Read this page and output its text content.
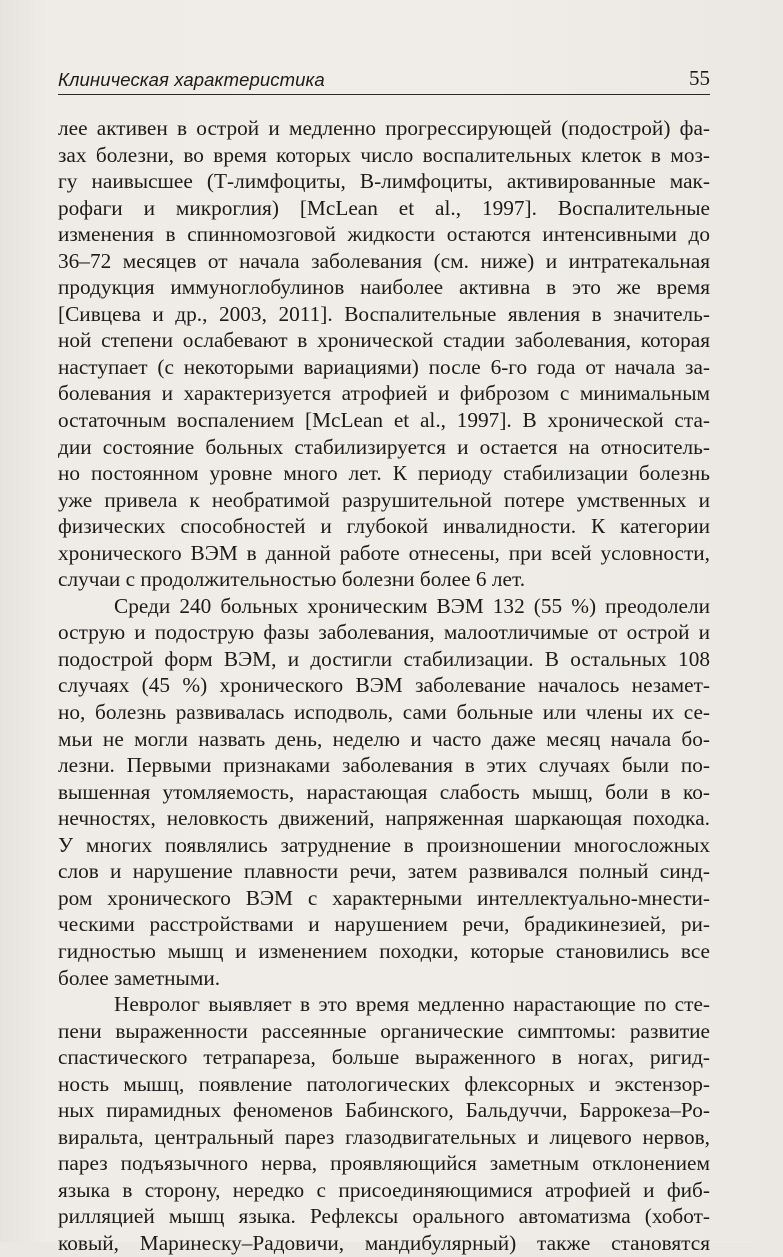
Клиническая характеристика	55

лее активен в острой и медленно прогрессирующей (подострой) фа-
зах болезни, во время которых число воспалительных клеток в моз-
гу наивысшее (Т-лимфоциты, В-лимфоциты, активированные мак-
рофаги и микроглия) [McLean et al., 1997]. Воспалительные
изменения в спинномозговой жидкости остаются интенсивными до
36–72 месяцев от начала заболевания (см. ниже) и интратекальная
продукция иммуноглобулинов наиболее активна в это же время
[Сивцева и др., 2003, 2011]. Воспалительные явления в значитель-
ной степени ослабевают в хронической стадии заболевания, которая
наступает (с некоторыми вариациями) после 6-го года от начала за-
болевания и характеризуется атрофией и фиброзом с минимальным
остаточным воспалением [McLean et al., 1997]. В хронической ста-
дии состояние больных стабилизируется и остается на относитель-
но постоянном уровне много лет. К периоду стабилизации болезнь
уже привела к необратимой разрушительной потере умственных и
физических способностей и глубокой инвалидности. К категории
хронического ВЭМ в данной работе отнесены, при всей условности,
случаи с продолжительностью болезни более 6 лет.

Среди 240 больных хроническим ВЭМ 132 (55 %) преодолели
острую и подострую фазы заболевания, малоотличимые от острой и
подострой форм ВЭМ, и достигли стабилизации. В остальных 108
случаях (45 %) хронического ВЭМ заболевание началось незамет-
но, болезнь развивалась исподволь, сами больные или члены их се-
мьи не могли назвать день, неделю и часто даже месяц начала бо-
лезни. Первыми признаками заболевания в этих случаях были по-
вышенная утомляемость, нарастающая слабость мышц, боли в ко-
нечностях, неловкость движений, напряженная шаркающая походка.
У многих появлялись затруднение в произношении многосложных
слов и нарушение плавности речи, затем развивался полный синд-
ром хронического ВЭМ с характерными интеллектуально-мнести-
ческими расстройствами и нарушением речи, брадикинезией, ри-
гидностью мышц и изменением походки, которые становились все
более заметными.

Невролог выявляет в это время медленно нарастающие по сте-
пени выраженности рассеянные органические симптомы: развитие
спастического тетрапареза, больше выраженного в ногах, ригид-
ность мышц, появление патологических флексорных и экстензор-
ных пирамидных феноменов Бабинского, Бальдуччи, Баррокеза–Ро-
виральта, центральный парез глазодвигательных и лицевого нервов,
парез подъязычного нерва, проявляющийся заметным отклонением
языка в сторону, нередко с присоединяющимися атрофией и фиб-
рилляцией мышц языка. Рефлексы орального автоматизма (хобот-
ковый, Маринеску–Радовичи, мандибулярный) также становятся
